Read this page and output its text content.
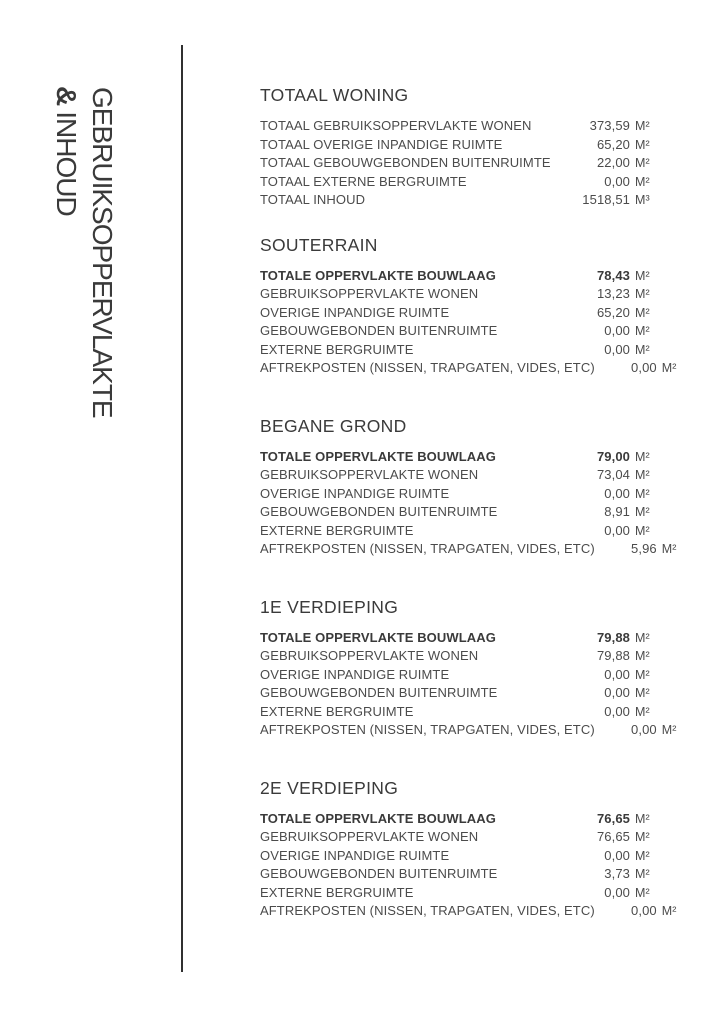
GEBRUIKSOPPERVLAKTE
&INHOUD
TOTAAL WONING
TOTAAL GEBRUIKSOPPERVLAKTE WONEN	373,59 M²
TOTAAL OVERIGE INPANDIGE RUIMTE	65,20 M²
TOTAAL GEBOUWGEBONDEN BUITENRUIMTE	22,00 M²
TOTAAL EXTERNE BERGRUIMTE	0,00 M²
TOTAAL INHOUD	1518,51 M³
SOUTERRAIN
TOTALE OPPERVLAKTE BOUWLAAG	78,43 M²
GEBRUIKSOPPERVLAKTE WONEN	13,23 M²
OVERIGE INPANDIGE RUIMTE	65,20 M²
GEBOUWGEBONDEN BUITENRUIMTE	0,00 M²
EXTERNE BERGRUIMTE	0,00 M²
AFTREKPOSTEN (NISSEN, TRAPGATEN, VIDES, ETC)	0,00 M²
BEGANE GROND
TOTALE OPPERVLAKTE BOUWLAAG	79,00 M²
GEBRUIKSOPPERVLAKTE WONEN	73,04 M²
OVERIGE INPANDIGE RUIMTE	0,00 M²
GEBOUWGEBONDEN BUITENRUIMTE	8,91 M²
EXTERNE BERGRUIMTE	0,00 M²
AFTREKPOSTEN (NISSEN, TRAPGATEN, VIDES, ETC)	5,96 M²
1E VERDIEPING
TOTALE OPPERVLAKTE BOUWLAAG	79,88 M²
GEBRUIKSOPPERVLAKTE WONEN	79,88 M²
OVERIGE INPANDIGE RUIMTE	0,00 M²
GEBOUWGEBONDEN BUITENRUIMTE	0,00 M²
EXTERNE BERGRUIMTE	0,00 M²
AFTREKPOSTEN (NISSEN, TRAPGATEN, VIDES, ETC)	0,00 M²
2E VERDIEPING
TOTALE OPPERVLAKTE BOUWLAAG	76,65 M²
GEBRUIKSOPPERVLAKTE WONEN	76,65 M²
OVERIGE INPANDIGE RUIMTE	0,00 M²
GEBOUWGEBONDEN BUITENRUIMTE	3,73 M²
EXTERNE BERGRUIMTE	0,00 M²
AFTREKPOSTEN (NISSEN, TRAPGATEN, VIDES, ETC)	0,00 M²
